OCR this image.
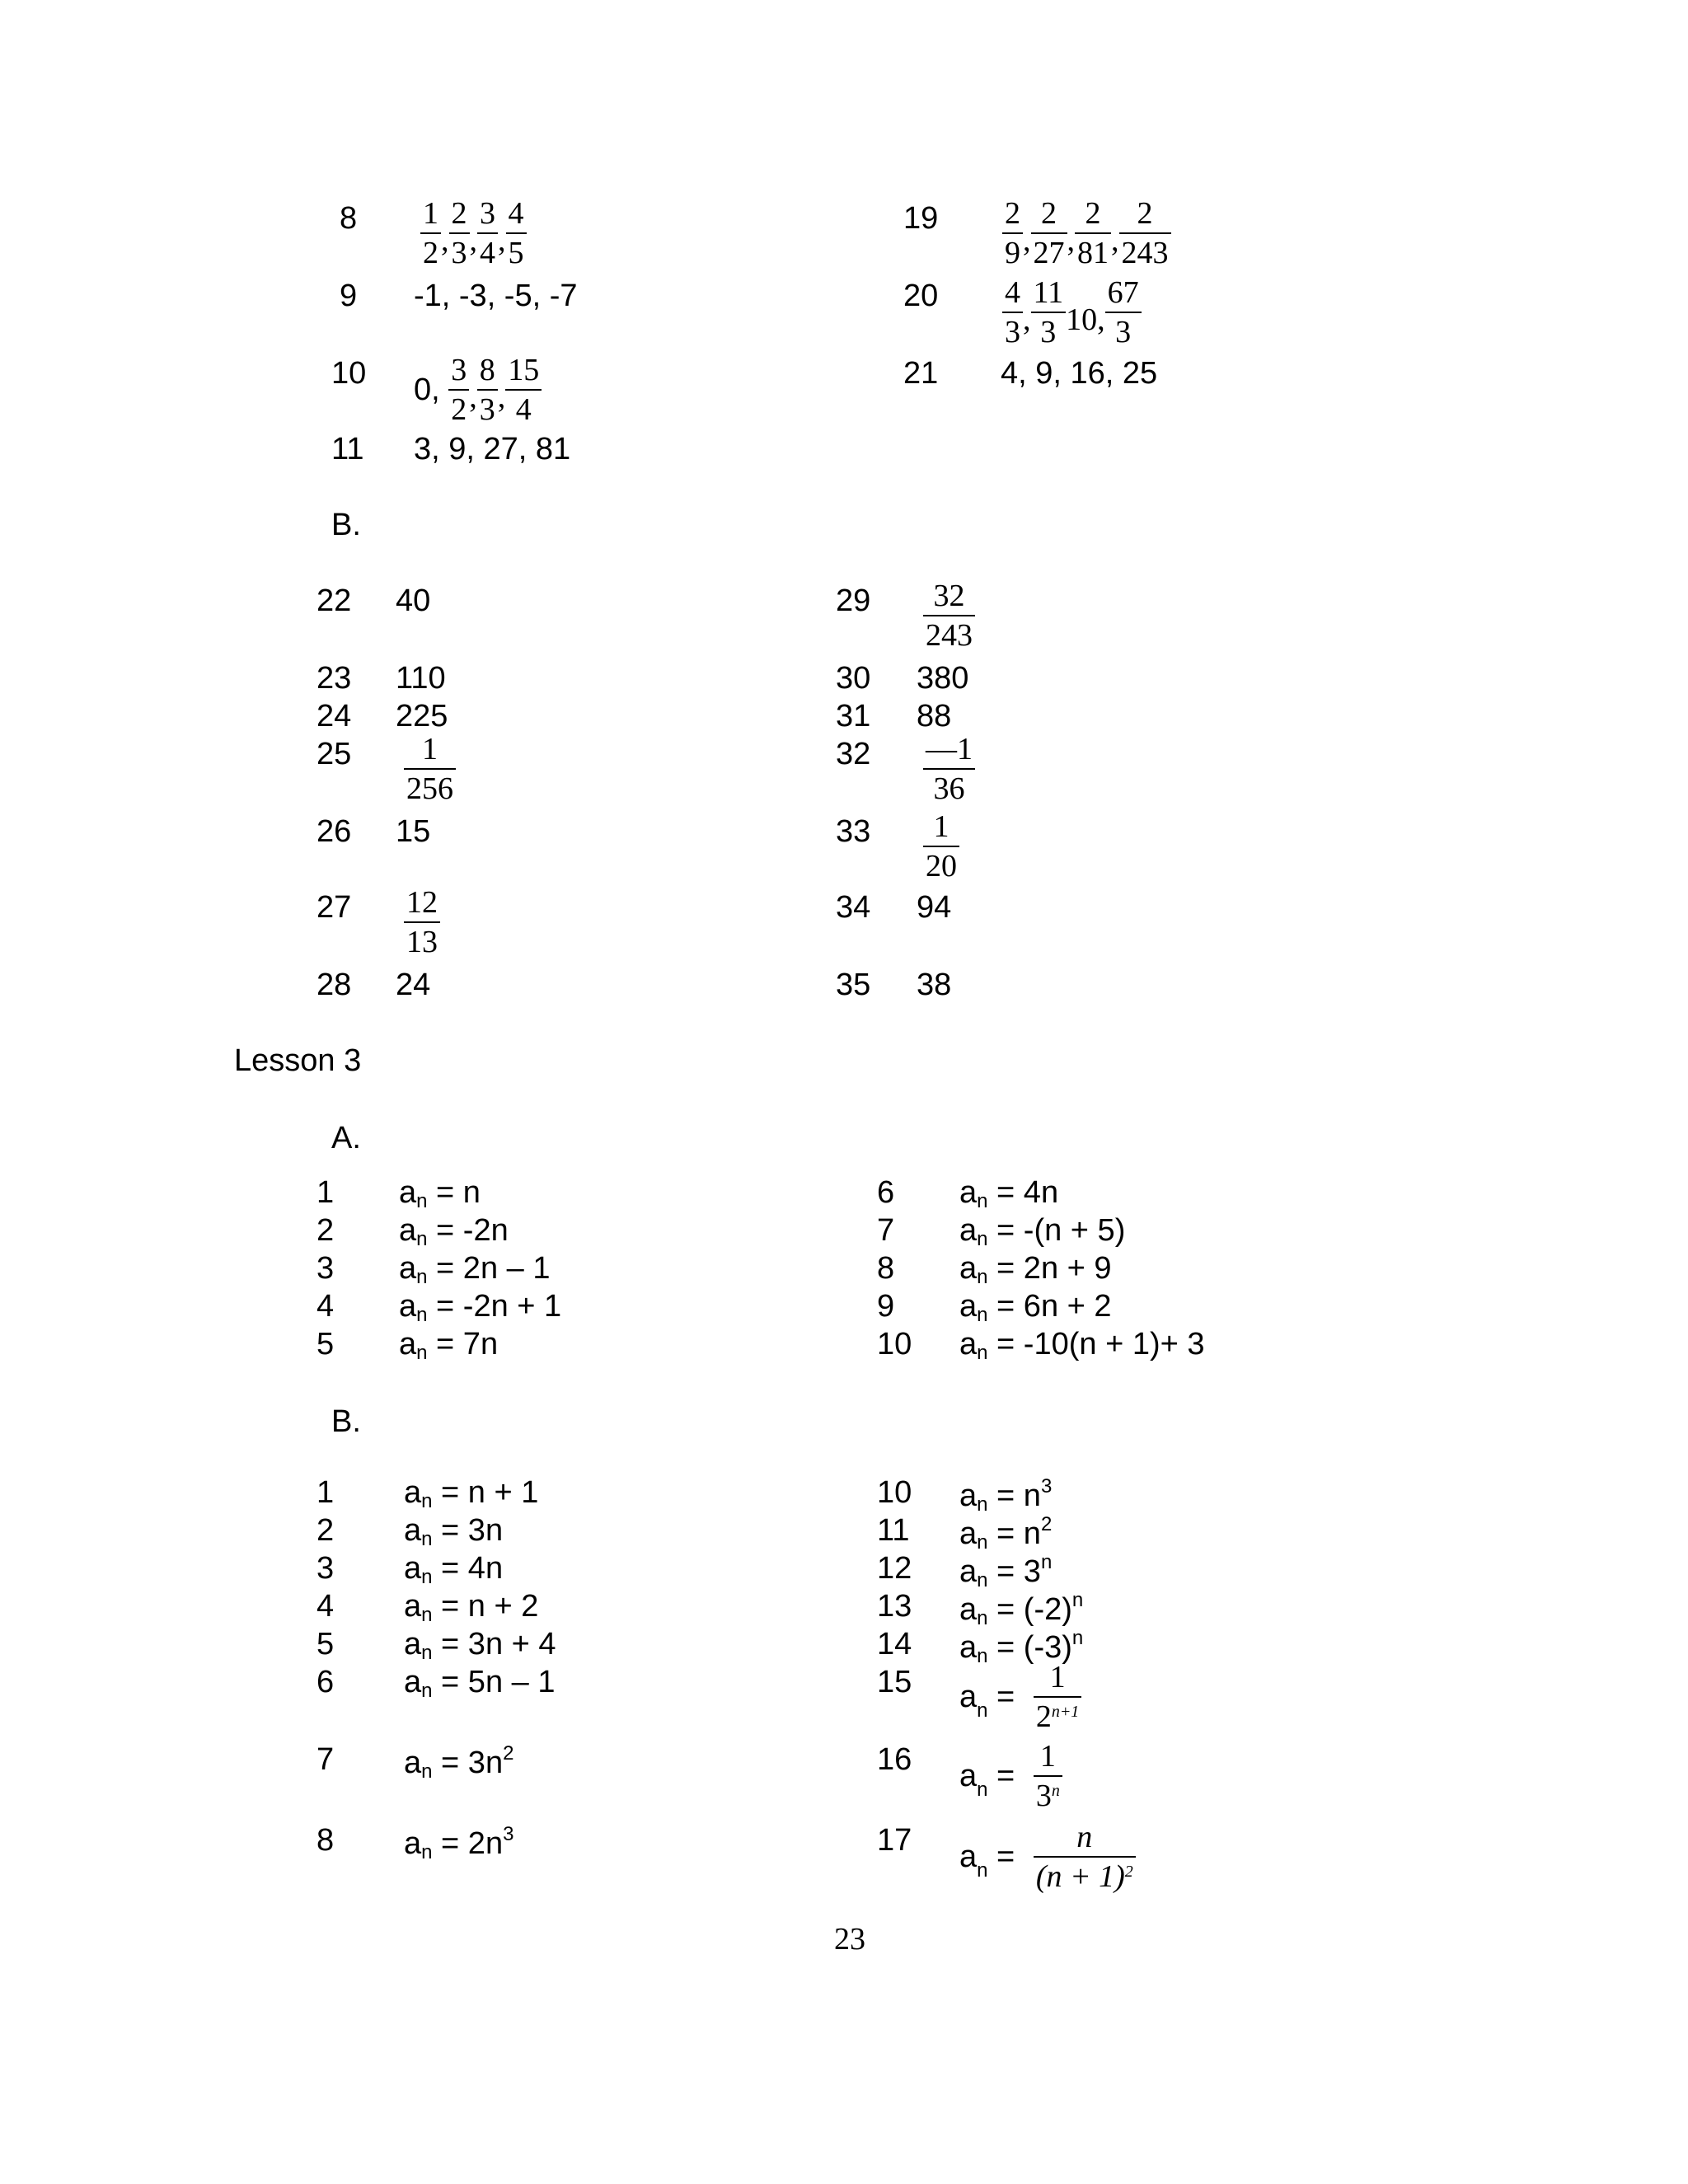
$8 \frac{1}{2}$ , $\frac{2}{3}$ , $\frac{3}{4}$ , $\frac{4}{5}$
9 -1, -3, -5, -7
10 0, $\frac{3}{2}$ , $\frac{8}{3}$ , $\frac{15}{4}$
11 3, 9, 27, 81
$19 \frac{2}{9}$ , $\frac{2}{27}$ , $\frac{2}{81}$ , $\frac{2}{243}$
$20 \frac{4}{3}$ , $\frac{11}{3} 10$, $\frac{67}{3}$
21 4, 9, 16, 25
B.
22 40
23 110
24 225
$25 \frac{1}{256}$
26 15
$27 \frac{12}{13}$
28 24
$29 \frac{32}{243}$
30 380
31 88
$32 \frac{—1}{36}$
$33 \frac{1}{20}$
34 94
35 38
Lesson 3
A.
1 $a_n = n$
2 $a_n = -2n$
3 $a_n = 2n - 1$
4 $a_n = -2n + 1$
5 $a_n = 7n$
6 $a_n = 4n$
7 $a_n = -(n + 5)$
8 $a_n = 2n + 9$
9 $a_n = 6n + 2$
10 $a_n = -10(n + 1)+ 3$
B.
1 $a_n = n + 1$
2 $a_n = 3n$
3 $a_n = 4n$
4 $a_n = n + 2$
5 $a_n = 3n + 4$
6 $a_n = 5n - 1$
7 $a_n = 3n^2$
8 $a_n = 2n^3$
10 $a_n = n^3$
11 $a_n = n^2$
12 $a_n = 3^n$
13 $a_n = (-2)^n$
14 $a_n = (-3)^n$
15 $a_n = \frac{1}{2^{n+1}}$
16 $a_n = \frac{1}{3^n}$
17 $a_n = \frac{n}{(n + 1)^2}$
23
